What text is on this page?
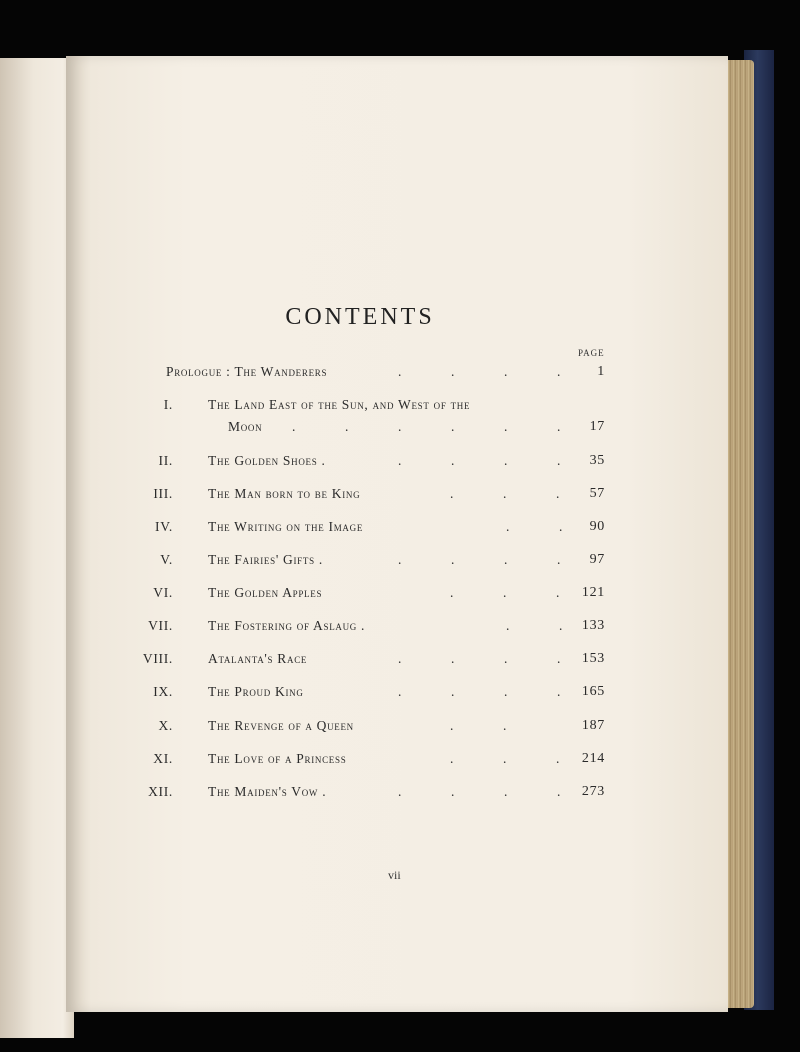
CONTENTS
PAGE
Prologue : The Wanderers	.	.	.	.	1
I.	The Land East of the Sun, and West of the
Moon .	.	.	.	.	.	17
II.	The Golden Shoes .	.	.	.	.	35
III.	The Man born to be King	.	.	.	57
IV.	The Writing on the Image	.	.	90
V.	The Fairies' Gifts .	.	.	.	.	97
VI.	The Golden Apples	.	.	.	121
VII.	The Fostering of Aslaug .	.	.	133
VIII.	Atalanta's Race	.	.	.	.	153
IX.	The Proud King	.	.	.	.	165
X.	The Revenge of a Queen	.	.	187
XI.	The Love of a Princess	.	.	.	214
XII.	The Maiden's Vow .	.	.	.	.	273
vii
